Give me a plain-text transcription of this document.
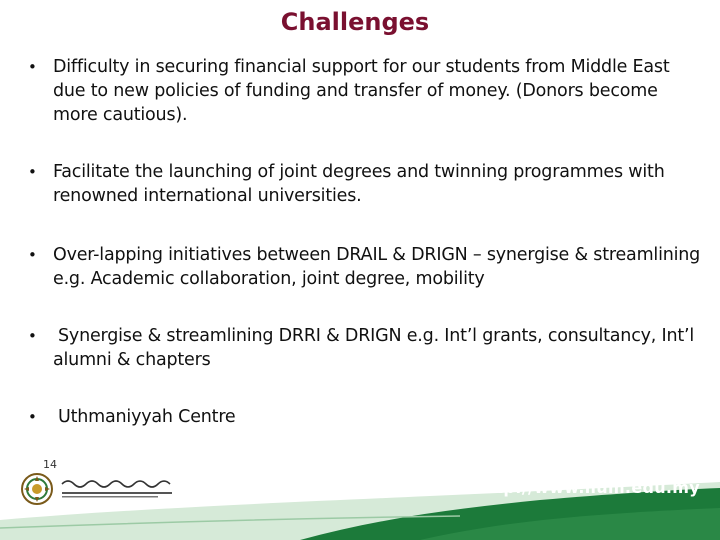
Challenges
• Difficulty in securing financial support for our students from Middle East due to new policies of funding and transfer of money. (Donors become more cautious).
• Facilitate the launching of joint degrees and twinning programmes with renowned international universities.
• Over-lapping initiatives between DRAIL & DRIGN – synergise & streamlining e.g. Academic collaboration, joint degree, mobility
• Synergise & streamlining DRRI & DRIGN e.g. Int’l grants, consultancy, Int’l alumni & chapters
• Uthmaniyyah Centre
14
http://www.iium.edu.my
